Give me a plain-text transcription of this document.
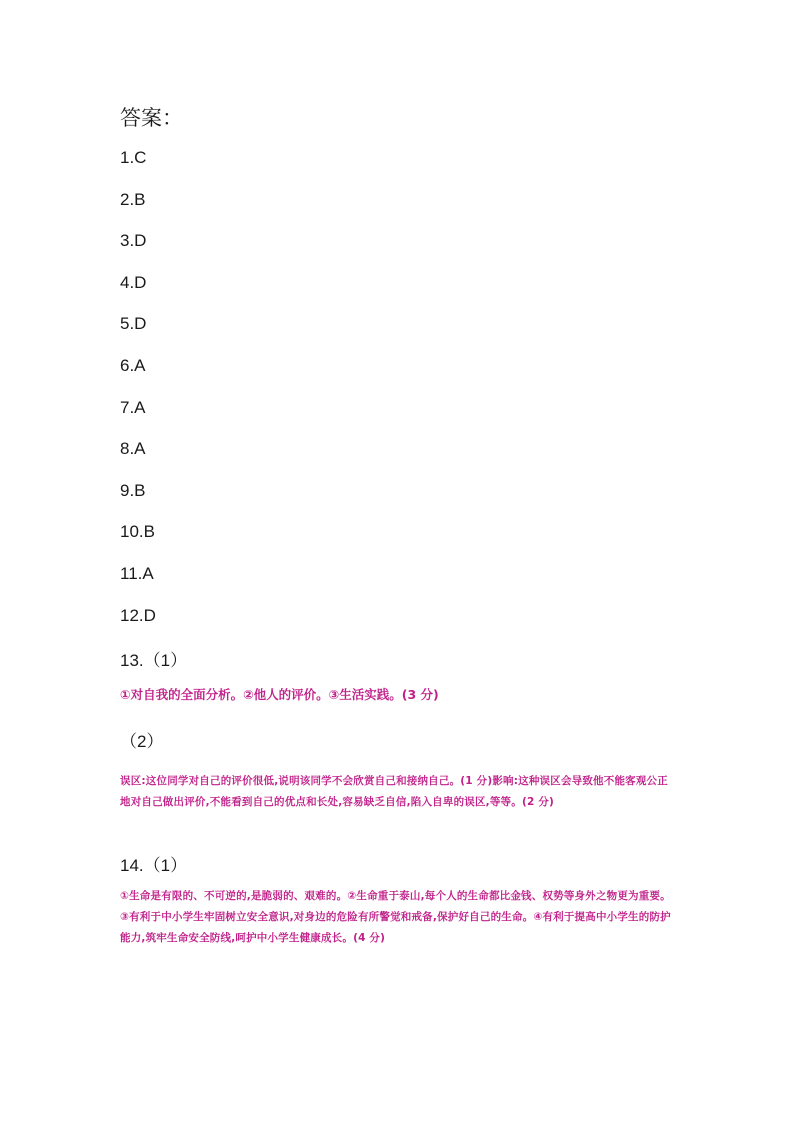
答案：
1.C
2.B
3.D
4.D
5.D
6.A
7.A
8.A
9.B
10.B
11.A
12.D
13.（1）
①对自我的全面分析。②他人的评价。③生活实践。(3 分)
（2）
误区:这位同学对自己的评价很低,说明该同学不会欣赏自己和接纳自己。(1 分)影响:这种误区会导致他不能客观公正地对自己做出评价,不能看到自己的优点和长处,容易缺乏自信,陷入自卑的误区,等等。(2 分)
14.（1）
①生命是有限的、不可逆的,是脆弱的、艰难的。②生命重于泰山,每个人的生命都比金钱、权势等身外之物更为重要。③有利于中小学生牢固树立安全意识,对身边的危险有所警觉和戒备,保护好自己的生命。④有利于提高中小学生的防护能力,筑牢生命安全防线,呵护中小学生健康成长。(4 分)
